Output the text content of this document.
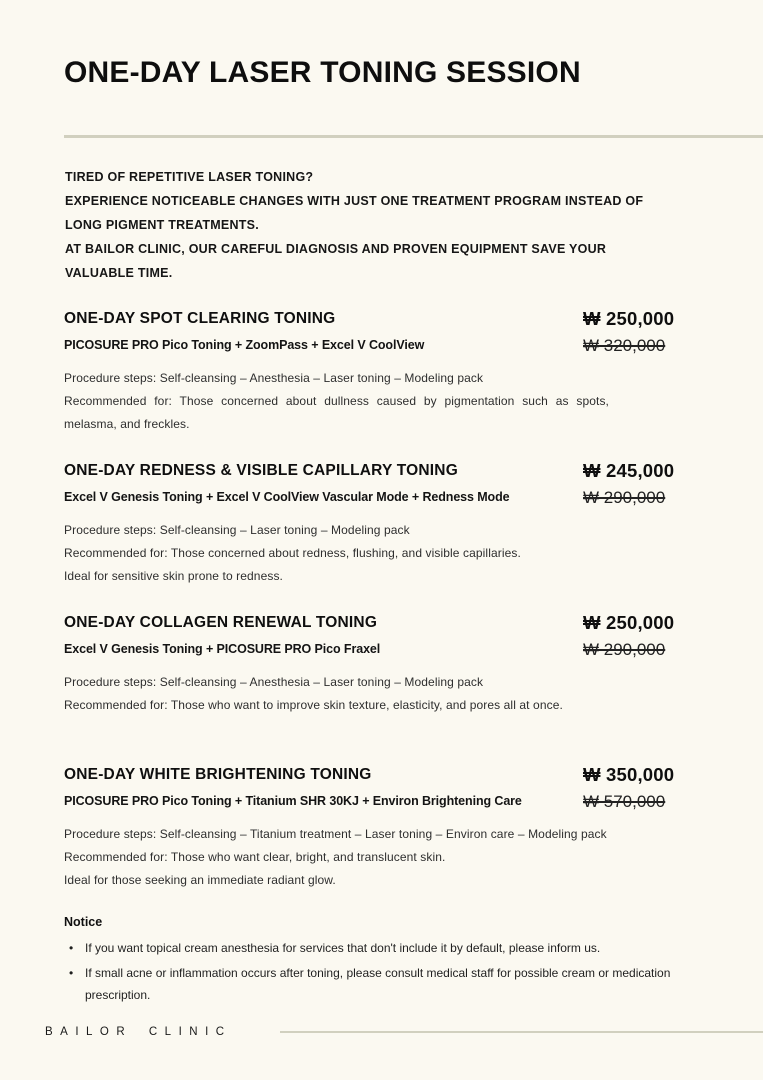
ONE-DAY LASER TONING SESSION
TIRED OF REPETITIVE LASER TONING?
EXPERIENCE NOTICEABLE CHANGES WITH JUST ONE TREATMENT PROGRAM INSTEAD OF LONG PIGMENT TREATMENTS.
AT BAILOR CLINIC, OUR CAREFUL DIAGNOSIS AND PROVEN EQUIPMENT SAVE YOUR VALUABLE TIME.
ONE-DAY SPOT CLEARING TONING
PICOSURE PRO Pico Toning + ZoomPass + Excel V CoolView
₩ 250,000
₩ 320,000

Procedure steps: Self-cleansing – Anesthesia – Laser toning – Modeling pack

Recommended for: Those concerned about dullness caused by pigmentation such as spots, melasma, and freckles.

ONE-DAY REDNESS & VISIBLE CAPILLARY TONING
Excel V Genesis Toning + Excel V CoolView Vascular Mode + Redness Mode
₩ 245,000
₩ 290,000

Procedure steps: Self-cleansing – Laser toning – Modeling pack

Recommended for: Those concerned about redness, flushing, and visible capillaries.

Ideal for sensitive skin prone to redness.

ONE-DAY COLLAGEN RENEWAL TONING
Excel V Genesis Toning + PICOSURE PRO Pico Fraxel
₩ 250,000
₩ 290,000

Procedure steps: Self-cleansing – Anesthesia – Laser toning – Modeling pack

Recommended for: Those who want to improve skin texture, elasticity, and pores all at once.

ONE-DAY WHITE BRIGHTENING TONING
PICOSURE PRO Pico Toning + Titanium SHR 30KJ + Environ Brightening Care
₩ 350,000
₩ 570,000

Procedure steps: Self-cleansing – Titanium treatment – Laser toning – Environ care – Modeling pack

Recommended for: Those who want clear, bright, and translucent skin.

Ideal for those seeking an immediate radiant glow.

Notice
• If you want topical cream anesthesia for services that don't include it by default, please inform us.
• If small acne or inflammation occurs after toning, please consult medical staff for possible cream or medication prescription.
BAILOR CLINIC
